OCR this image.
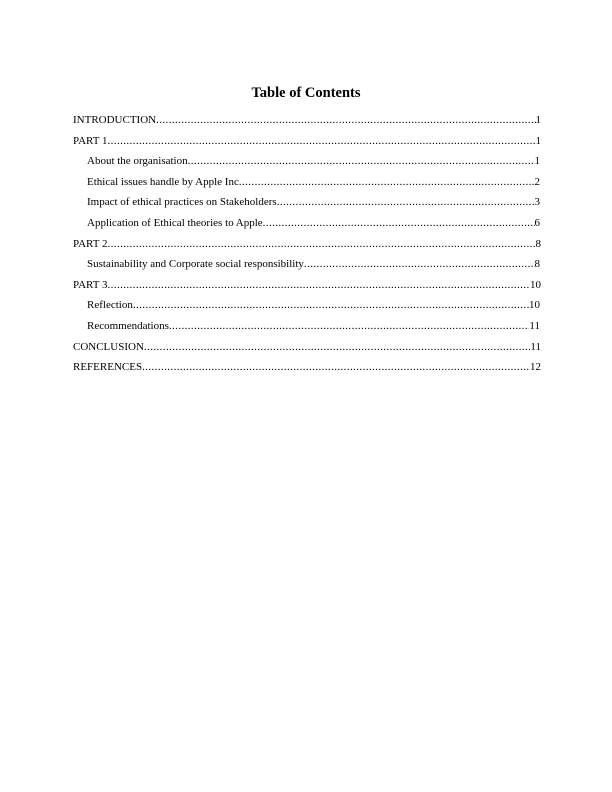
Table of Contents
INTRODUCTION .....	1
PART 1 .....	1
About the organisation .....	1
Ethical issues handle by Apple Inc .....	2
Impact of ethical practices on Stakeholders .....	3
Application of Ethical theories to Apple .....	6
PART 2 .....	8
Sustainability and Corporate social responsibility .....	8
PART 3 .....	10
Reflection .....	10
Recommendations .....	11
CONCLUSION .....	11
REFERENCES .....	12
